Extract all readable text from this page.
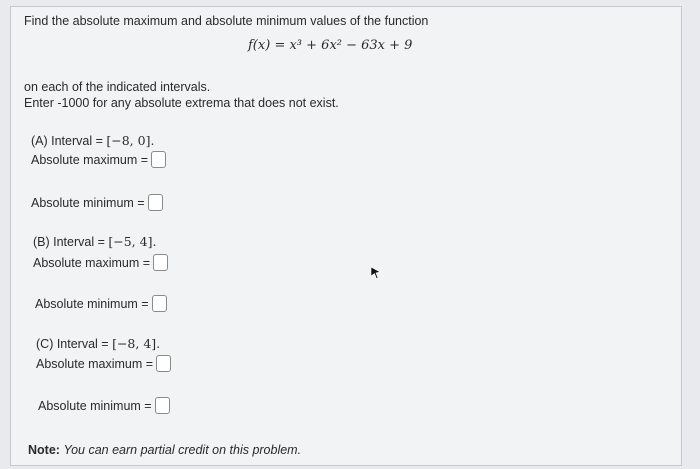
Find the absolute maximum and absolute minimum values of the function
f(x) = x³ + 6x² − 63x + 9
on each of the indicated intervals.
Enter -1000 for any absolute extrema that does not exist.
(A) Interval = [−8, 0].
Absolute maximum =
Absolute minimum =
(B) Interval = [−5, 4].
Absolute maximum =
Absolute minimum =
(C) Interval = [−8, 4].
Absolute maximum =
Absolute minimum =
Note: You can earn partial credit on this problem.
